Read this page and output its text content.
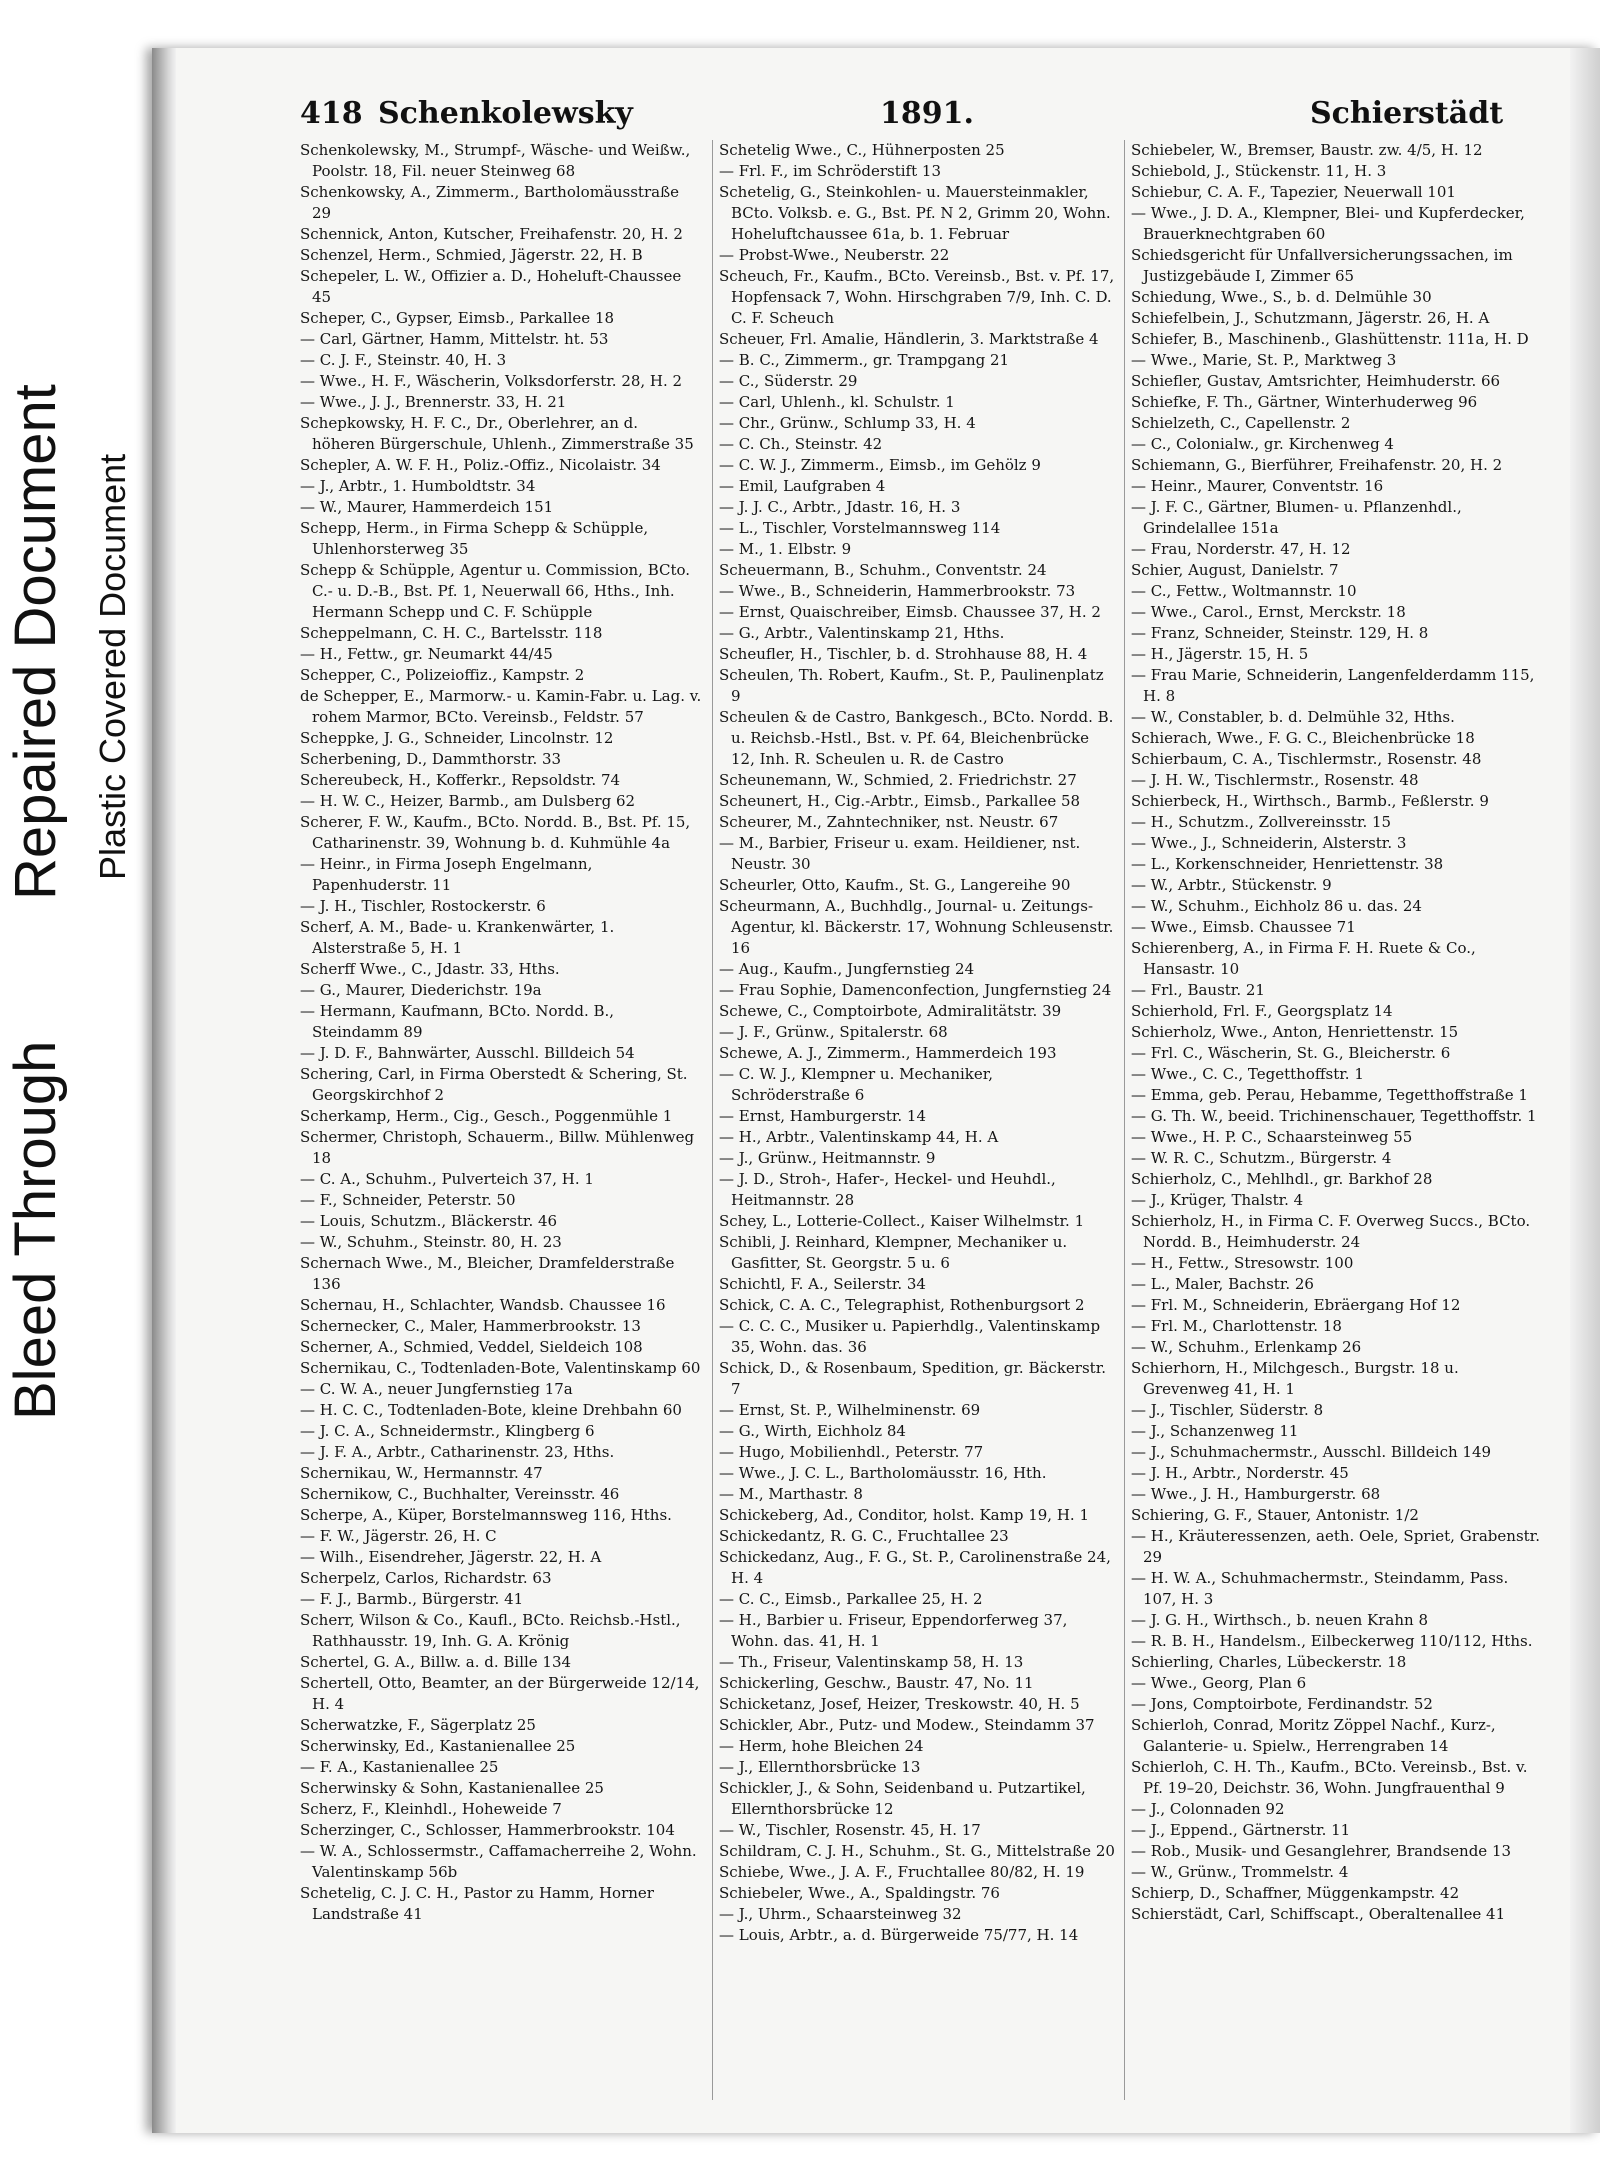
Bleed Through
Repaired Document Plastic Covered Document
418 Schenkolewsky	1891.	Schierstädt

Schenkolewsky, M., Strumpf-, Wäsche- und Weißw., Poolstr. 18, Fil. neuer Steinweg 68

Schenkowsky, A., Zimmerm., Bartholomäusstraße 29

Schennick, Anton, Kutscher, Freihafenstr. 20, H. 2

Schenzel, Herm., Schmied, Jägerstr. 22, H. B

Schepeler, L. W., Offizier a. D., Hoheluft-Chaussee 45

Scheper, C., Gypser, Eimsb., Parkallee 18

— Carl, Gärtner, Hamm, Mittelstr. ht. 53

— C. J. F., Steinstr. 40, H. 3

— Wwe., H. F., Wäscherin, Volksdorferstr. 28, H. 2

— Wwe., J. J., Brennerstr. 33, H. 21

Schepkowsky, H. F. C., Dr., Oberlehrer, an d. höheren Bürgerschule, Uhlenh., Zimmerstraße 35

Schepler, A. W. F. H., Poliz.-Offiz., Nicolaistr. 34

— J., Arbtr., 1. Humboldtstr. 34

— W., Maurer, Hammerdeich 151

Schepp, Herm., in Firma Schepp & Schüpple, Uhlenhorsterweg 35

Schepp & Schüpple, Agentur u. Commission, BCto. C.- u. D.-B., Bst. Pf. 1, Neuerwall 66, Hths., Inh. Hermann Schepp und C. F. Schüpple

Scheppelmann, C. H. C., Bartelsstr. 118

— H., Fettw., gr. Neumarkt 44/45

Schepper, C., Polizeioffiz., Kampstr. 2

de Schepper, E., Marmorw.- u. Kamin-Fabr. u. Lag. v. rohem Marmor, BCto. Vereinsb., Feldstr. 57

Scheppke, J. G., Schneider, Lincolnstr. 12

Scherbening, D., Dammthorstr. 33

Schereubeck, H., Kofferkr., Repsoldstr. 74

— H. W. C., Heizer, Barmb., am Dulsberg 62

Scherer, F. W., Kaufm., BCto. Nordd. B., Bst. Pf. 15, Catharinenstr. 39, Wohnung b. d. Kuhmühle 4a

— Heinr., in Firma Joseph Engelmann, Papenhuderstr. 11

— J. H., Tischler, Rostockerstr. 6

Scherf, A. M., Bade- u. Krankenwärter, 1. Alsterstraße 5, H. 1

Scherff Wwe., C., Jdastr. 33, Hths.

— G., Maurer, Diederichstr. 19a

— Hermann, Kaufmann, BCto. Nordd. B., Steindamm 89

— J. D. F., Bahnwärter, Ausschl. Billdeich 54

Schering, Carl, in Firma Oberstedt & Schering, St. Georgskirchhof 2

Scherkamp, Herm., Cig., Gesch., Poggenmühle 1

Schermer, Christoph, Schauerm., Billw. Mühlenweg 18

— C. A., Schuhm., Pulverteich 37, H. 1

— F., Schneider, Peterstr. 50

— Louis, Schutzm., Bläckerstr. 46

— W., Schuhm., Steinstr. 80, H. 23

Schernach Wwe., M., Bleicher, Dramfelderstraße 136

Schernau, H., Schlachter, Wandsb. Chaussee 16

Schernecker, C., Maler, Hammerbrookstr. 13

Scherner, A., Schmied, Veddel, Sieldeich 108

Schernikau, C., Todtenladen-Bote, Valentinskamp 60

— C. W. A., neuer Jungfernstieg 17a

— H. C. C., Todtenladen-Bote, kleine Drehbahn 60

— J. C. A., Schneidermstr., Klingberg 6

— J. F. A., Arbtr., Catharinenstr. 23, Hths.

Schernikau, W., Hermannstr. 47

Schernikow, C., Buchhalter, Vereinsstr. 46

Scherpe, A., Küper, Borstelmannsweg 116, Hths.

— F. W., Jägerstr. 26, H. C

— Wilh., Eisendreher, Jägerstr. 22, H. A

Scherpelz, Carlos, Richardstr. 63

— F. J., Barmb., Bürgerstr. 41

Scherr, Wilson & Co., Kaufl., BCto. Reichsb.-Hstl., Rathhausstr. 19, Inh. G. A. Krönig

Schertel, G. A., Billw. a. d. Bille 134

Schertell, Otto, Beamter, an der Bürgerweide 12/14, H. 4

Scherwatzke, F., Sägerplatz 25

Scherwinsky, Ed., Kastanienallee 25

— F. A., Kastanienallee 25

Scherwinsky & Sohn, Kastanienallee 25

Scherz, F., Kleinhdl., Hoheweide 7

Scherzinger, C., Schlosser, Hammerbrookstr. 104

— W. A., Schlossermstr., Caffamacherreihe 2, Wohn. Valentinskamp 56b

Schetelig, C. J. C. H., Pastor zu Hamm, Horner Landstraße 41

Schetelig Wwe., C., Hühnerposten 25

— Frl. F., im Schröderstift 13

Schetelig, G., Steinkohlen- u. Mauersteinmakler, BCto. Volksb. e. G., Bst. Pf. N 2, Grimm 20, Wohn. Hoheluftchaussee 61a, b. 1. Februar

— Probst-Wwe., Neuberstr. 22

Scheuch, Fr., Kaufm., BCto. Vereinsb., Bst. v. Pf. 17, Hopfensack 7, Wohn. Hirschgraben 7/9, Inh. C. D. C. F. Scheuch

Scheuer, Frl. Amalie, Händlerin, 3. Marktstraße 4

— B. C., Zimmerm., gr. Trampgang 21

— C., Süderstr. 29

— Carl, Uhlenh., kl. Schulstr. 1

— Chr., Grünw., Schlump 33, H. 4

— C. Ch., Steinstr. 42

— C. W. J., Zimmerm., Eimsb., im Gehölz 9

— Emil, Laufgraben 4

— J. J. C., Arbtr., Jdastr. 16, H. 3

— L., Tischler, Vorstelmannsweg 114

— M., 1. Elbstr. 9

Scheuermann, B., Schuhm., Conventstr. 24

— Wwe., B., Schneiderin, Hammerbrookstr. 73

— Ernst, Quaischreiber, Eimsb. Chaussee 37, H. 2

— G., Arbtr., Valentinskamp 21, Hths.

Scheufler, H., Tischler, b. d. Strohhause 88, H. 4

Scheulen, Th. Robert, Kaufm., St. P., Paulinenplatz 9

Scheulen & de Castro, Bankgesch., BCto. Nordd. B. u. Reichsb.-Hstl., Bst. v. Pf. 64, Bleichenbrücke 12, Inh. R. Scheulen u. R. de Castro

Scheunemann, W., Schmied, 2. Friedrichstr. 27

Scheunert, H., Cig.-Arbtr., Eimsb., Parkallee 58

Scheurer, M., Zahntechniker, nst. Neustr. 67

— M., Barbier, Friseur u. exam. Heildiener, nst. Neustr. 30

Scheurler, Otto, Kaufm., St. G., Langereihe 90

Scheurmann, A., Buchhdlg., Journal- u. Zeitungs-Agentur, kl. Bäckerstr. 17, Wohnung Schleusenstr. 16

— Aug., Kaufm., Jungfernstieg 24

— Frau Sophie, Damenconfection, Jungfernstieg 24

Schewe, C., Comptoirbote, Admiralitätstr. 39

— J. F., Grünw., Spitalerstr. 68

Schewe, A. J., Zimmerm., Hammerdeich 193

— C. W. J., Klempner u. Mechaniker, Schröderstraße 6

— Ernst, Hamburgerstr. 14

— H., Arbtr., Valentinskamp 44, H. A

— J., Grünw., Heitmannstr. 9

— J. D., Stroh-, Hafer-, Heckel- und Heuhdl., Heitmannstr. 28

Schey, L., Lotterie-Collect., Kaiser Wilhelmstr. 1

Schibli, J. Reinhard, Klempner, Mechaniker u. Gasfitter, St. Georgstr. 5 u. 6

Schichtl, F. A., Seilerstr. 34

Schick, C. A. C., Telegraphist, Rothenburgsort 2

— C. C. C., Musiker u. Papierhdlg., Valentinskamp 35, Wohn. das. 36

Schick, D., & Rosenbaum, Spedition, gr. Bäckerstr. 7

— Ernst, St. P., Wilhelminenstr. 69

— G., Wirth, Eichholz 84

— Hugo, Mobilienhdl., Peterstr. 77

— Wwe., J. C. L., Bartholomäusstr. 16, Hth.

— M., Marthastr. 8

Schickeberg, Ad., Conditor, holst. Kamp 19, H. 1

Schickedantz, R. G. C., Fruchtallee 23

Schickedanz, Aug., F. G., St. P., Carolinenstraße 24, H. 4

— C. C., Eimsb., Parkallee 25, H. 2

— H., Barbier u. Friseur, Eppendorferweg 37, Wohn. das. 41, H. 1

— Th., Friseur, Valentinskamp 58, H. 13

Schickerling, Geschw., Baustr. 47, No. 11

Schicketanz, Josef, Heizer, Treskowstr. 40, H. 5

Schickler, Abr., Putz- und Modew., Steindamm 37

— Herm, hohe Bleichen 24

— J., Ellernthorsbrücke 13

Schickler, J., & Sohn, Seidenband u. Putzartikel, Ellernthorsbrücke 12

— W., Tischler, Rosenstr. 45, H. 17

Schildram, C. J. H., Schuhm., St. G., Mittelstraße 20

Schiebe, Wwe., J. A. F., Fruchtallee 80/82, H. 19

Schiebeler, Wwe., A., Spaldingstr. 76

— J., Uhrm., Schaarsteinweg 32

— Louis, Arbtr., a. d. Bürgerweide 75/77, H. 14

Schiebeler, W., Bremser, Baustr. zw. 4/5, H. 12

Schiebold, J., Stückenstr. 11, H. 3

Schiebur, C. A. F., Tapezier, Neuerwall 101

— Wwe., J. D. A., Klempner, Blei- und Kupferdecker, Brauerknechtgraben 60

Schiedsgericht für Unfallversicherungssachen, im Justizgebäude I, Zimmer 65

Schiedung, Wwe., S., b. d. Delmühle 30

Schiefelbein, J., Schutzmann, Jägerstr. 26, H. A

Schiefer, B., Maschinenb., Glashüttenstr. 111a, H. D

— Wwe., Marie, St. P., Marktweg 3

Schiefler, Gustav, Amtsrichter, Heimhuderstr. 66

Schiefke, F. Th., Gärtner, Winterhuderweg 96

Schielzeth, C., Capellenstr. 2

— C., Colonialw., gr. Kirchenweg 4

Schiemann, G., Bierführer, Freihafenstr. 20, H. 2

— Heinr., Maurer, Conventstr. 16

— J. F. C., Gärtner, Blumen- u. Pflanzenhdl., Grindelallee 151a

— Frau, Norderstr. 47, H. 12

Schier, August, Danielstr. 7

— C., Fettw., Woltmannstr. 10

— Wwe., Carol., Ernst, Merckstr. 18

— Franz, Schneider, Steinstr. 129, H. 8

— H., Jägerstr. 15, H. 5

— Frau Marie, Schneiderin, Langenfelderdamm 115, H. 8

— W., Constabler, b. d. Delmühle 32, Hths.

Schierach, Wwe., F. G. C., Bleichenbrücke 18

Schierbaum, C. A., Tischlermstr., Rosenstr. 48

— J. H. W., Tischlermstr., Rosenstr. 48

Schierbeck, H., Wirthsch., Barmb., Feßlerstr. 9

— H., Schutzm., Zollvereinsstr. 15

— Wwe., J., Schneiderin, Alsterstr. 3

— L., Korkenschneider, Henriettenstr. 38

— W., Arbtr., Stückenstr. 9

— W., Schuhm., Eichholz 86 u. das. 24

— Wwe., Eimsb. Chaussee 71

Schierenberg, A., in Firma F. H. Ruete & Co., Hansastr. 10

— Frl., Baustr. 21

Schierhold, Frl. F., Georgsplatz 14

Schierholz, Wwe., Anton, Henriettenstr. 15

— Frl. C., Wäscherin, St. G., Bleicherstr. 6

— Wwe., C. C., Tegetthoffstr. 1

— Emma, geb. Perau, Hebamme, Tegetthoffstraße 1

— G. Th. W., beeid. Trichinenschauer, Tegetthoffstr. 1

— Wwe., H. P. C., Schaarsteinweg 55

— W. R. C., Schutzm., Bürgerstr. 4

Schierholz, C., Mehlhdl., gr. Barkhof 28

— J., Krüger, Thalstr. 4

Schierholz, H., in Firma C. F. Overweg Succs., BCto. Nordd. B., Heimhuderstr. 24

— H., Fettw., Stresowstr. 100

— L., Maler, Bachstr. 26

— Frl. M., Schneiderin, Ebräergang Hof 12

— Frl. M., Charlottenstr. 18

— W., Schuhm., Erlenkamp 26

Schierhorn, H., Milchgesch., Burgstr. 18 u. Grevenweg 41, H. 1

— J., Tischler, Süderstr. 8

— J., Schanzenweg 11

— J., Schuhmachermstr., Ausschl. Billdeich 149

— J. H., Arbtr., Norderstr. 45

— Wwe., J. H., Hamburgerstr. 68

Schiering, G. F., Stauer, Antonistr. 1/2

— H., Kräuteressenzen, aeth. Oele, Spriet, Grabenstr. 29

— H. W. A., Schuhmachermstr., Steindamm, Pass. 107, H. 3

— J. G. H., Wirthsch., b. neuen Krahn 8

— R. B. H., Handelsm., Eilbeckerweg 110/112, Hths.

Schierling, Charles, Lübeckerstr. 18

— Wwe., Georg, Plan 6

— Jons, Comptoirbote, Ferdinandstr. 52

Schierloh, Conrad, Moritz Zöppel Nachf., Kurz-, Galanterie- u. Spielw., Herrengraben 14

Schierloh, C. H. Th., Kaufm., BCto. Vereinsb., Bst. v. Pf. 19–20, Deichstr. 36, Wohn. Jungfrauenthal 9

— J., Colonnaden 92

— J., Eppend., Gärtnerstr. 11

— Rob., Musik- und Gesanglehrer, Brandsende 13

— W., Grünw., Trommelstr. 4

Schierp, D., Schaffner, Müggenkampstr. 42

Schierstädt, Carl, Schiffscapt., Oberaltenallee 41
